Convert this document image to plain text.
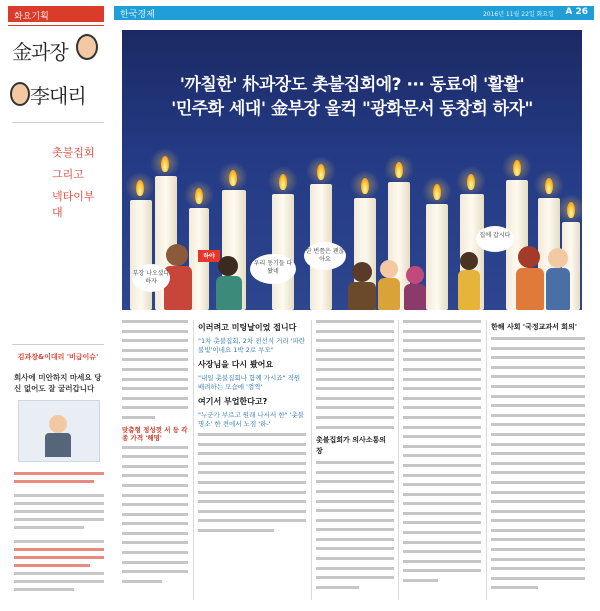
한국경제	2016년 11월 22일 화요일 A 26
화요기획
金과장
李대리
촛불집회
그리고
넥타이부대
김과장&이대리 '비급이슈'
회사에 미안하지 마세요 당신 없어도 잘 굴러갑니다
'까칠한' 朴과장도 촛불집회에? ··· 동료애 '활활'
'민주화 세대' 金부장 울컥 "광화문서 동창회 하자"
하야
부장 나오셨다 하자
우리 동기들 다 왔네
한 번쯤은 괜찮아요
집에 갑시다
맞춤형 정성껏 서 등 각종 가격 '해명'
이러려고 미팅날이었 접니다
"1차 촛불집회, 2차 전선식 거리 '파란 불빛'이네요 1박 2로 부모"
사장님을 다시 봤어요
"내일 촛불집회나 함께 가시죠" 직원 배려하는 모습에 '껌찍'
여기서 부업한다고?
"누군가 부르고 원래 나서서 한" '촛불 명소' 한 켠에서 노점 '하-'
촛불집회가 의사소통의 장
한해 사회 '국정교과서 회의'
